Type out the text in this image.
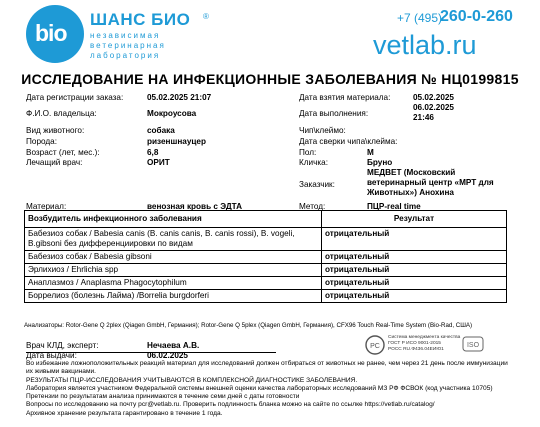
bio
ШАНС БИО ®
независимая
ветеринарная
лаборатория
+7 (495)
260-0-260
vetlab.ru
ИССЛЕДОВАНИЕ НА ИНФЕКЦИОННЫЕ ЗАБОЛЕВАНИЯ № НЦ0199815
Дата регистрации заказа:	05.02.2025 21:07
Ф.И.О. владельца:	Мокроусова
Вид животного:	собака
Порода:	ризеншнауцер
Возраст (лет, мес.):	6,8
Лечащий врач:	ОРИТ
Дата взятия материала:	05.02.2025
Дата выполнения:
06.02.2025
21:46
Чип\клеймо:
Дата сверки чипа\клейма:
Пол:	М
Кличка:	Бруно
Заказчик:
МЕДВЕТ (Московский ветеринарный центр «МРТ для Животных») Анохина
Материал:	венозная кровь с ЭДТА	Метод:	ПЦР-real time
Возбудитель инфекционного заболевания	Результат
Бабезиоз собак / Babesia canis (B. canis canis, B. canis rossi), B. vogeli, B.gibsoni без дифференциировки по видам	отрицательный
Бабезиоз собак / Babesia gibsoni	отрицательный
Эрлихиоз / Ehrlichia spp	отрицательный
Анаплазмоз / Anaplasma Phagocytophilum	отрицательный
Боррелиоз (болезнь Лайма) /Borrelia burgdorferi	отрицательный
Анализаторы: Rotor-Gene Q 2plex (Qiagen GmbH, Германия); Rotor-Gene Q 5plex (Qiagen GmbH, Германия), CFX96 Touch Real-Time System (Bio-Rad, США)
Врач КЛД, эксперт:	Нечаева А.В.
Дата выдачи:	06.02.2025
PC
Система менеджмента качества
ГОСТ Р ИСО 9001-2015
РОСС RU.Ф436.04ЕИЮ1
ISO
Во избежание ложноположительных реакций материал для исследований должен отбираться от животных не ранее, чем через 21 день после иммунизации их живыми вакцинами.
РЕЗУЛЬТАТЫ ПЦР-ИССЛЕДОВАНИЯ УЧИТЫВАЮТСЯ В КОМПЛЕКСНОЙ ДИАГНОСТИКЕ ЗАБОЛЕВАНИЯ.
Лаборатория является участником Федеральной системы внешней оценки качества лабораторных исследований МЗ РФ ФСВОК (код участника 10705)
Претензии по результатам анализа принимаются в течение семи дней с даты готовности
Вопросы по исследованию на почту pcr@vetlab.ru. Проверить подлинность бланка можно на сайте по ссылке https://vetlab.ru/catalog/
Архивное хранение результата гарантировано в течение 1 года.
